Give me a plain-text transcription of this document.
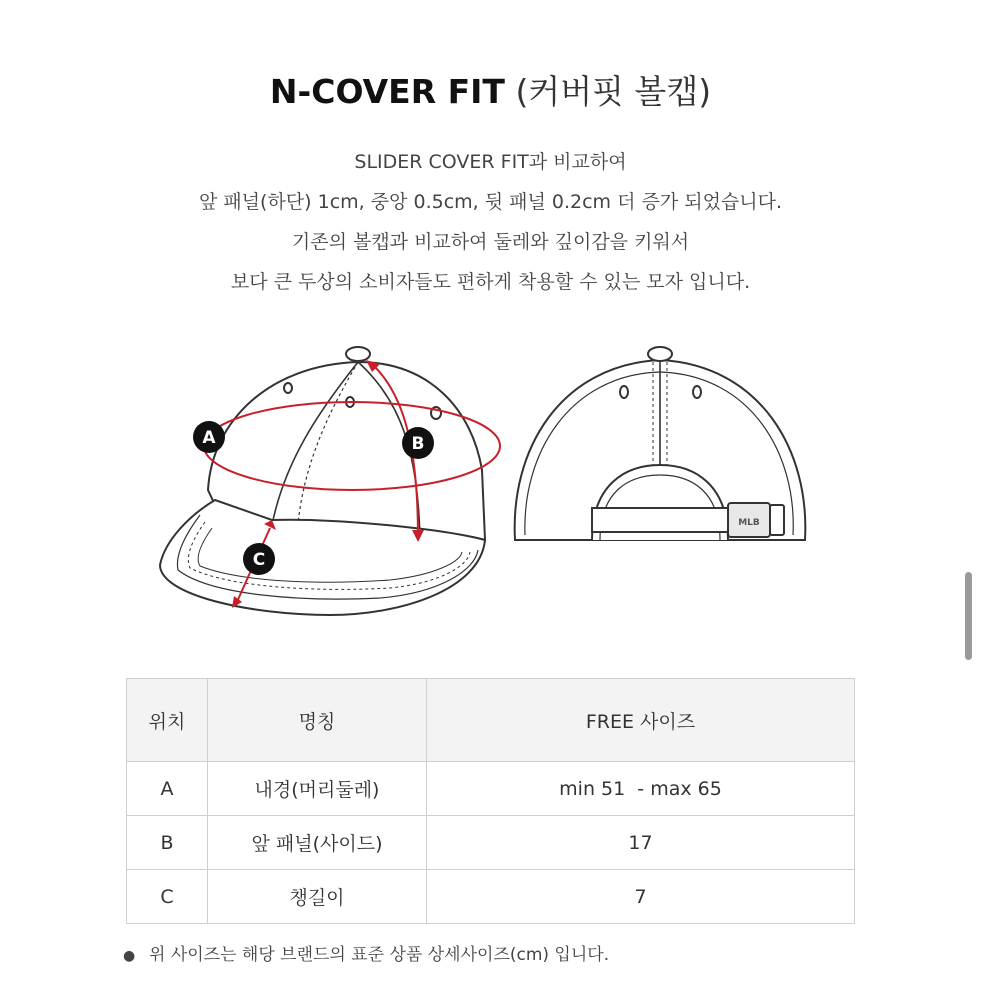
N-COVER FIT (커버핏 볼캡)
SLIDER COVER FIT과 비교하여
앞 패널(하단) 1cm, 중앙 0.5cm, 뒷 패널 0.2cm 더 증가 되었습니다.
기존의 볼캡과 비교하여 둘레와 깊이감을 키워서
보다 큰 두상의 소비자들도 편하게 착용할 수 있는 모자 입니다.
A	B
C
MLB
위치	명칭	FREE 사이즈
A	내경(머리둘레)	min 51  - max 65
B	앞 패널(사이드)	17
C	챙길이	7
● 위 사이즈는 해당 브랜드의 표준 상품 상세사이즈(cm) 입니다.
